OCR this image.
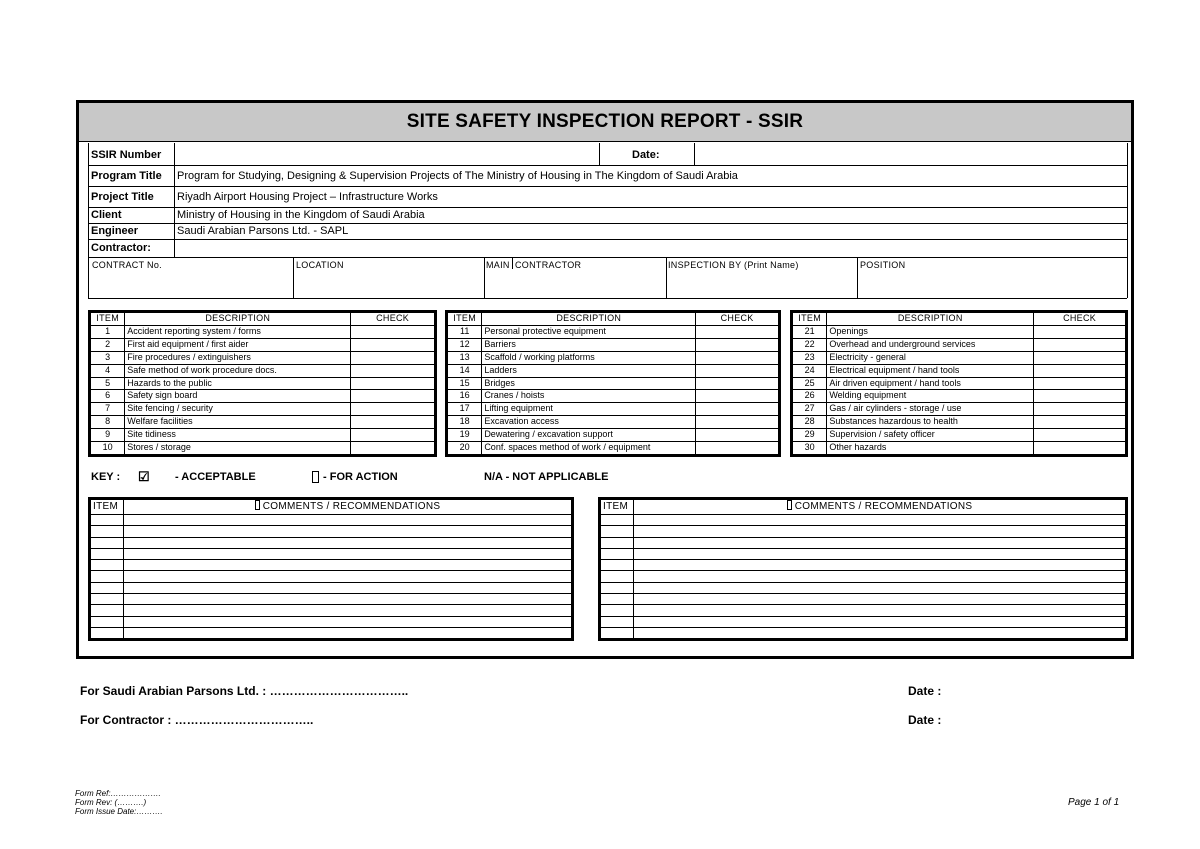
SITE SAFETY INSPECTION REPORT - SSIR
SSIR Number	Date:
Program Title Program for Studying, Designing & Supervision Projects of The Ministry of Housing in The Kingdom of Saudi Arabia
Project Title Riyadh Airport Housing Project – Infrastructure Works
Client	Ministry of Housing in the Kingdom of Saudi Arabia
Engineer	Saudi Arabian Parsons Ltd. - SAPL
Contractor:
CONTRACT No.	LOCATION	MAIN CONTRACTOR	INSPECTION BY (Print Name)	POSITION
ITEM	DESCRIPTION	CHECK
1	Accident reporting system / forms	
2	First aid equipment / first aider	
3	Fire procedures / extinguishers	
4	Safe method of work procedure docs.	
5	Hazards to the public	
6	Safety sign board	
7	Site fencing / security	
8	Welfare facilities	
9	Site tidiness	
10	Stores / storage	
ITEM	DESCRIPTION	CHECK
11	Personal protective equipment	
12	Barriers	
13	Scaffold / working platforms	
14	Ladders	
15	Bridges	
16	Cranes / hoists	
17	Lifting equipment	
18	Excavation access	
19	Dewatering / excavation support	
20	Conf. spaces method of work / equipment	
ITEM	DESCRIPTION	CHECK
21	Openings	
22	Overhead and underground services	
23	Electricity - general	
24	Electrical equipment / hand tools	
25	Air driven equipment / hand tools	
26	Welding equipment	
27	Gas / air cylinders - storage / use	
28	Substances hazardous to health	
29	Supervision / safety officer	
30	Other hazards	
KEY : ☑ - ACCEPTABLE	- FOR ACTION	N/A - NOT APPLICABLE
ITEM	COMMENTS / RECOMMENDATIONS

		ITEM	COMMENTS / RECOMMENDATIONS

For Saudi Arabian Parsons Ltd. : ……………………………..
For Contractor : ……………………………..
Date :
Date :
Form Ref:……………….
Form Rev: (……….)
Form Issue Date:……….
Page 1 of 1
